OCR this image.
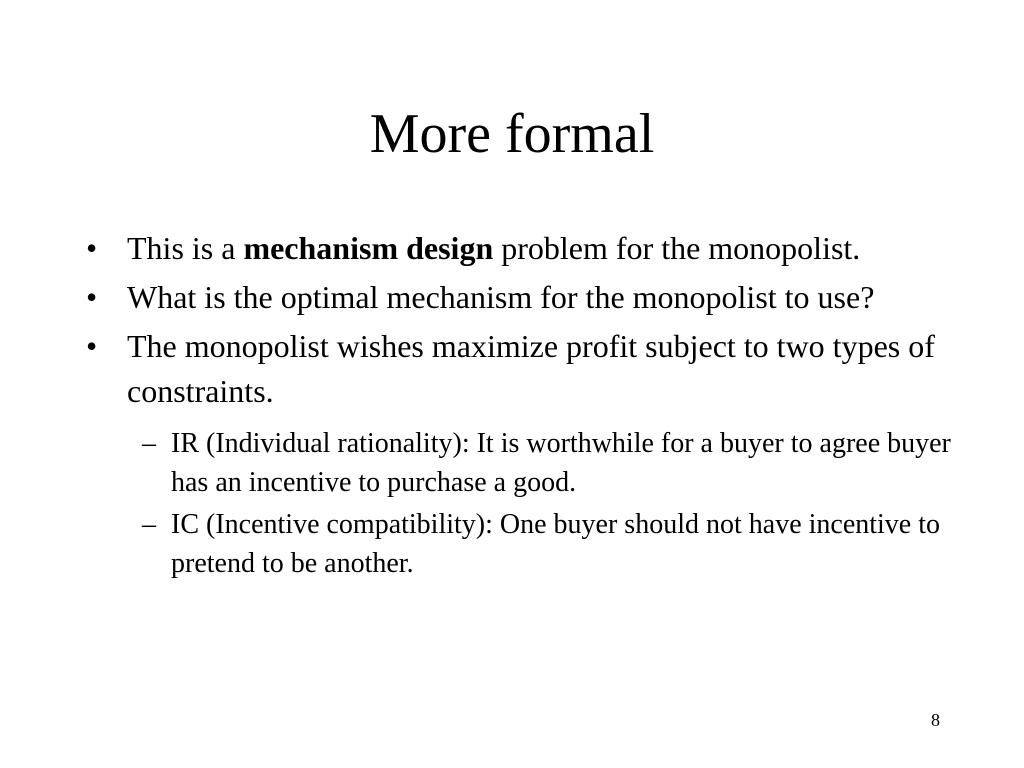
More formal
• This is a mechanism design problem for the monopolist.
• What is the optimal mechanism for the monopolist to use?
• The monopolist wishes maximize profit subject to two types of constraints.
– IR (Individual rationality): It is worthwhile for a buyer to agree buyer has an incentive to purchase a good.
– IC (Incentive compatibility): One buyer should not have incentive to pretend to be another.
8
